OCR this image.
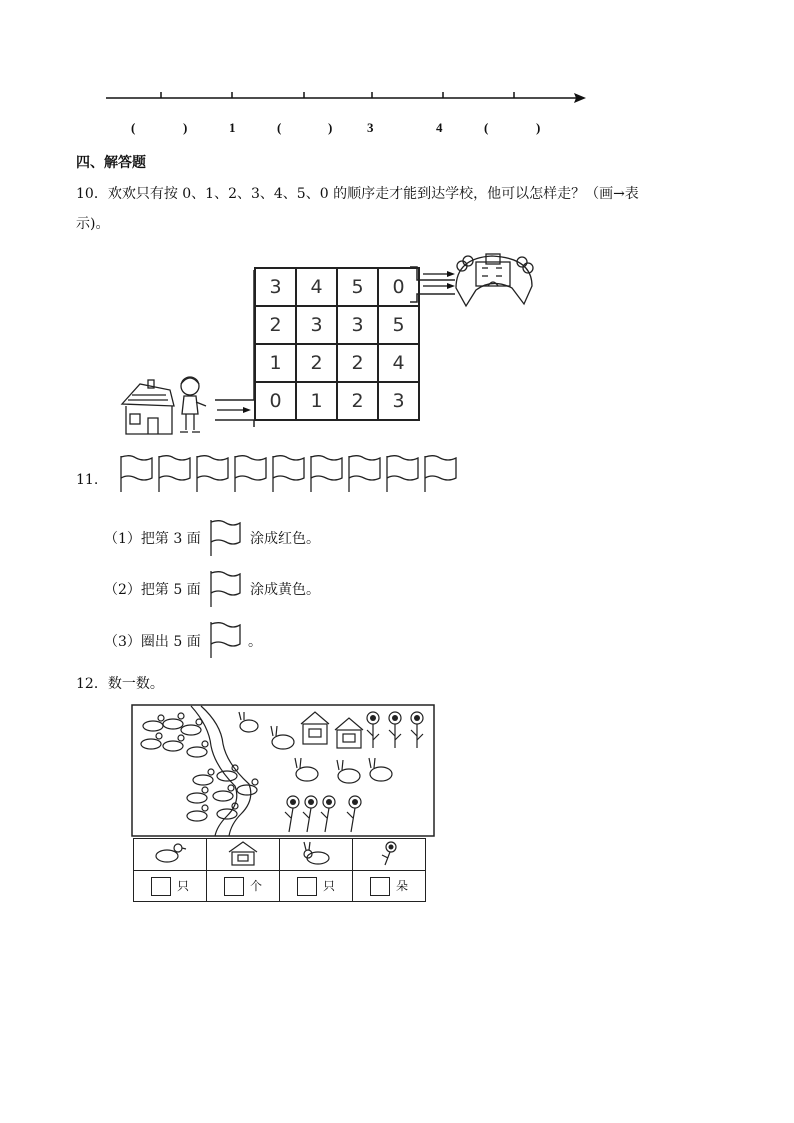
(	)	1	(	)	3	4	(	)
四、解答题
10．欢欢只有按 0、1、2、3、4、5、0 的顺序走才能到达学校，他可以怎样走？（画→表
示)。
3	4	5	0
2	3	3	5
1	2	2	4
0	1	2	3
11.
（1）把第 3 面	涂成红色。
（2）把第 5 面	涂成黄色。
（3）圈出 5 面	。
12．数一数。

只	个	只	朵
